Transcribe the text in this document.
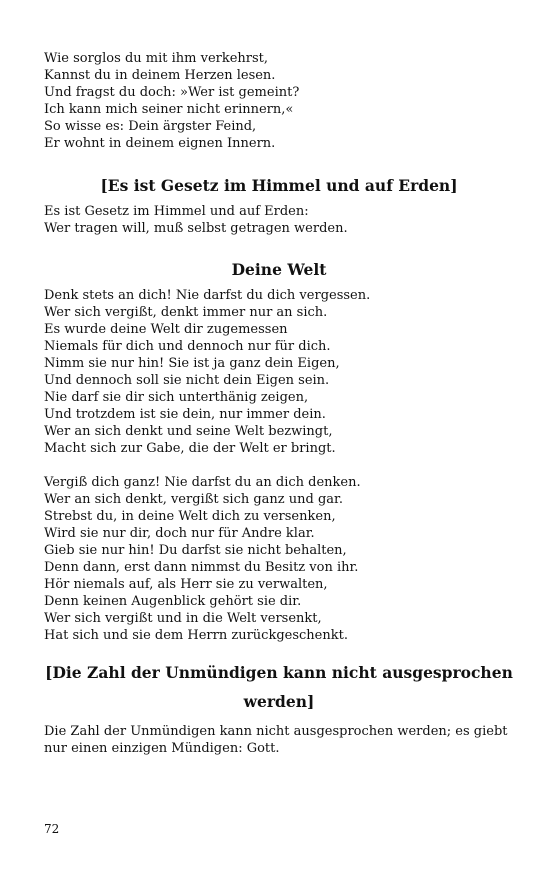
Wie sorglos du mit ihm verkehrst,
Kannst du in deinem Herzen lesen.
Und fragst du doch: »Wer ist gemeint?
Ich kann mich seiner nicht erinnern,«
So wisse es: Dein ärgster Feind,
Er wohnt in deinem eignen Innern.
[Es ist Gesetz im Himmel und auf Erden]
Es ist Gesetz im Himmel und auf Erden:
Wer tragen will, muß selbst getragen werden.
Deine Welt
Denk stets an dich! Nie darfst du dich vergessen.
Wer sich vergißt, denkt immer nur an sich.
Es wurde deine Welt dir zugemessen
Niemals für dich und dennoch nur für dich.
Nimm sie nur hin! Sie ist ja ganz dein Eigen,
Und dennoch soll sie nicht dein Eigen sein.
Nie darf sie dir sich unterthänig zeigen,
Und trotzdem ist sie dein, nur immer dein.
Wer an sich denkt und seine Welt bezwingt,
Macht sich zur Gabe, die der Welt er bringt.
Vergiß dich ganz! Nie darfst du an dich denken.
Wer an sich denkt, vergißt sich ganz und gar.
Strebst du, in deine Welt dich zu versenken,
Wird sie nur dir, doch nur für Andre klar.
Gieb sie nur hin! Du darfst sie nicht behalten,
Denn dann, erst dann nimmst du Besitz von ihr.
Hör niemals auf, als Herr sie zu verwalten,
Denn keinen Augenblick gehört sie dir.
Wer sich vergißt und in die Welt versenkt,
Hat sich und sie dem Herrn zurückgeschenkt.
[Die Zahl der Unmündigen kann nicht ausgesprochen
werden]
Die Zahl der Unmündigen kann nicht ausgesprochen werden; es giebt
nur einen einzigen Mündigen: Gott.
72
